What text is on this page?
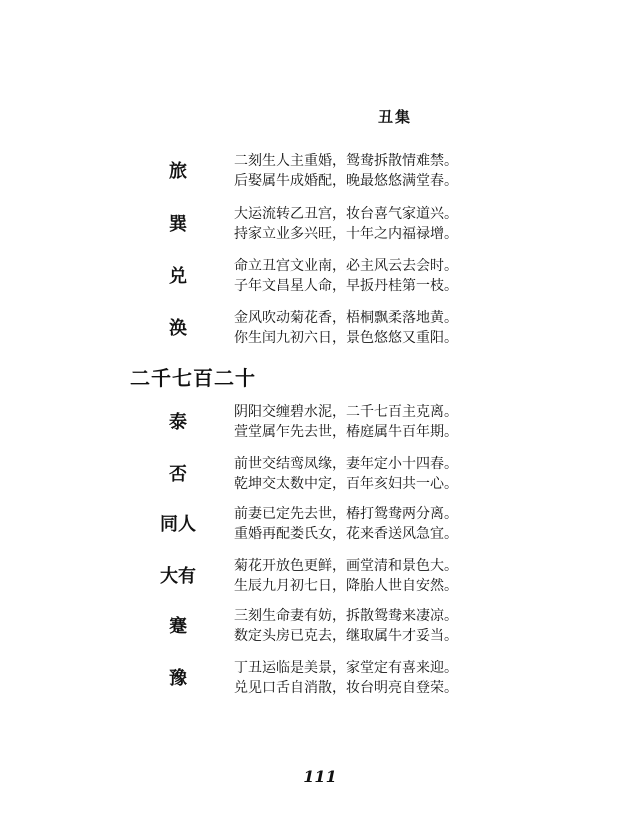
丑集
旅	二刻生人主重婚，鸳鸯拆散情难禁。
后娶属牛成婚配，晚最悠悠满堂春。
巽	大运流转乙丑宫，妆台喜气家道兴。
持家立业多兴旺，十年之内福禄增。
兑	命立丑宫文业南，必主风云去会时。
子年文昌星人命，早扳丹桂第一枝。
涣	金风吹动菊花香，梧桐飘柔落地黄。
你生闰九初六日，景色悠悠又重阳。
二千七百二十
泰	阴阳交缠碧水泥，二千七百主克离。
萱堂属乍先去世，椿庭属牛百年期。
否	前世交结鸾凤缘，妻年定小十四春。
乾坤交太数中定，百年亥妇共一心。
同人	前妻已定先去世，椿打鸳鸯两分离。
重婚再配娄氏女，花来香送风急宜。
大有	菊花开放色更鲜，画堂清和景色大。
生辰九月初七日，降胎人世自安然。
蹇	三刻生命妻有妨，拆散鸳鸯来凄凉。
数定头房已克去，继取属牛才妥当。
豫	丁丑运临是美景，家堂定有喜来迎。
兑见口舌自消散，妆台明亮自登荣。
111
